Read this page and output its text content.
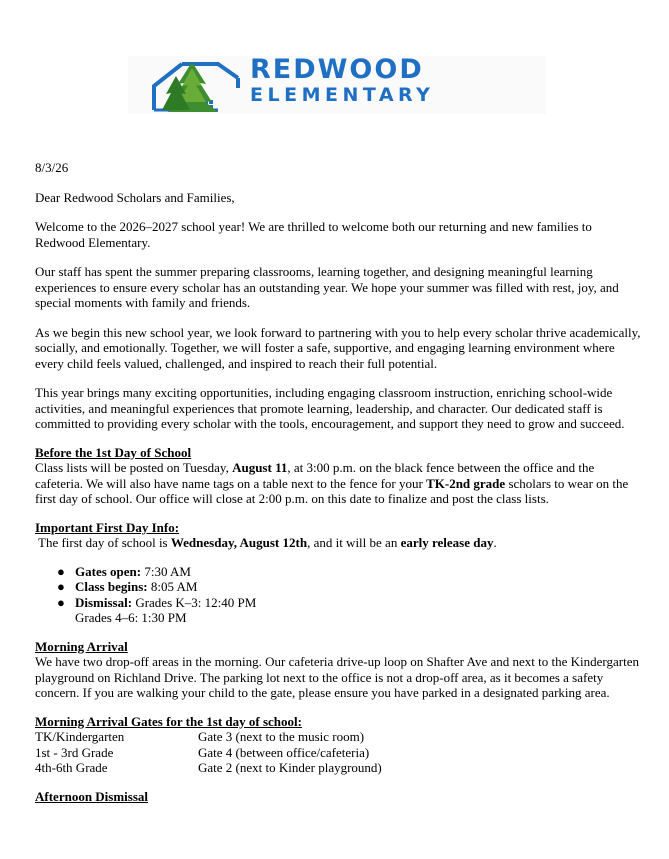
REDWOOD
ELEMENTARY

8/3/26

Dear Redwood Scholars and Families,

Welcome to the 2026–2027 school year! We are thrilled to welcome both our returning and new families to Redwood Elementary.

Our staff has spent the summer preparing classrooms, learning together, and designing meaningful learning experiences to ensure every scholar has an outstanding year. We hope your summer was filled with rest, joy, and special moments with family and friends.

As we begin this new school year, we look forward to partnering with you to help every scholar thrive academically, socially, and emotionally. Together, we will foster a safe, supportive, and engaging learning environment where every child feels valued, challenged, and inspired to reach their full potential.

This year brings many exciting opportunities, including engaging classroom instruction, enriching school-wide activities, and meaningful experiences that promote learning, leadership, and character. Our dedicated staff is committed to providing every scholar with the tools, encouragement, and support they need to grow and succeed.

Before the 1st Day of School

Class lists will be posted on Tuesday, August 11, at 3:00 p.m. on the black fence between the office and the cafeteria. We will also have name tags on a table next to the fence for your TK-2nd grade scholars to wear on the first day of school. Our office will close at 2:00 p.m. on this date to finalize and post the class lists.

Important First Day Info:

The first day of school is Wednesday, August 12th, and it will be an early release day.

● Gates open: 7:30 AM
● Class begins: 8:05 AM
● Dismissal: Grades K–3: 12:40 PM
Grades 4–6: 1:30 PM

Morning Arrival

We have two drop-off areas in the morning. Our cafeteria drive-up loop on Shafter Ave and next to the Kindergarten playground on Richland Drive. The parking lot next to the office is not a drop-off area, as it becomes a safety concern. If you are walking your child to the gate, please ensure you have parked in a designated parking area.

Morning Arrival Gates for the 1st day of school:

TK/Kindergarten	Gate 3 (next to the music room)
1st - 3rd Grade	Gate 4 (between office/cafeteria)
4th-6th Grade	Gate 2 (next to Kinder playground)

Afternoon Dismissal
